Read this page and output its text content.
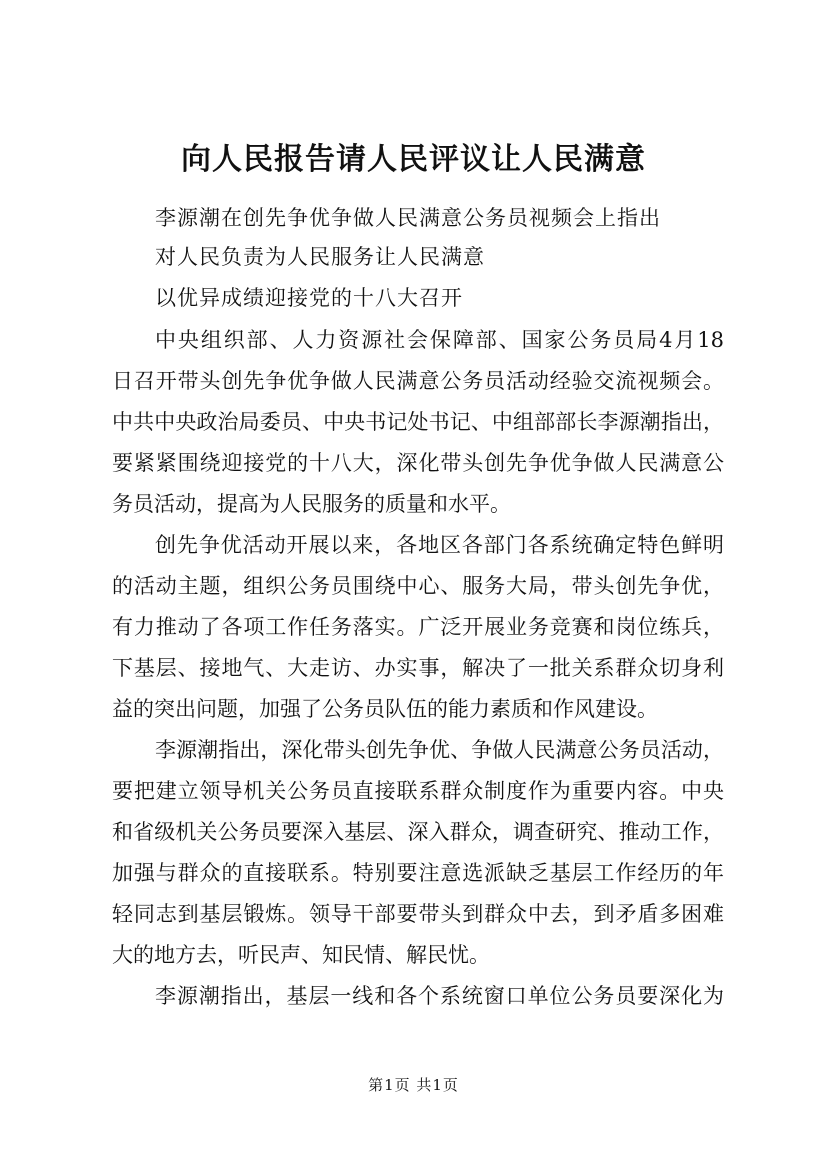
向人民报告请人民评议让人民满意
李源潮在创先争优争做人民满意公务员视频会上指出
对人民负责为人民服务让人民满意
以优异成绩迎接党的十八大召开
中央组织部、人力资源社会保障部、国家公务员局4月18
日召开带头创先争优争做人民满意公务员活动经验交流视频会。
中共中央政治局委员、中央书记处书记、中组部部长李源潮指出，
要紧紧围绕迎接党的十八大，深化带头创先争优争做人民满意公
务员活动，提高为人民服务的质量和水平。
创先争优活动开展以来，各地区各部门各系统确定特色鲜明
的活动主题，组织公务员围绕中心、服务大局，带头创先争优，
有力推动了各项工作任务落实。广泛开展业务竞赛和岗位练兵，
下基层、接地气、大走访、办实事，解决了一批关系群众切身利
益的突出问题，加强了公务员队伍的能力素质和作风建设。
李源潮指出，深化带头创先争优、争做人民满意公务员活动，
要把建立领导机关公务员直接联系群众制度作为重要内容。中央
和省级机关公务员要深入基层、深入群众，调查研究、推动工作，
加强与群众的直接联系。特别要注意选派缺乏基层工作经历的年
轻同志到基层锻炼。领导干部要带头到群众中去，到矛盾多困难
大的地方去，听民声、知民情、解民忧。
李源潮指出，基层一线和各个系统窗口单位公务员要深化为
第1页 共1页
